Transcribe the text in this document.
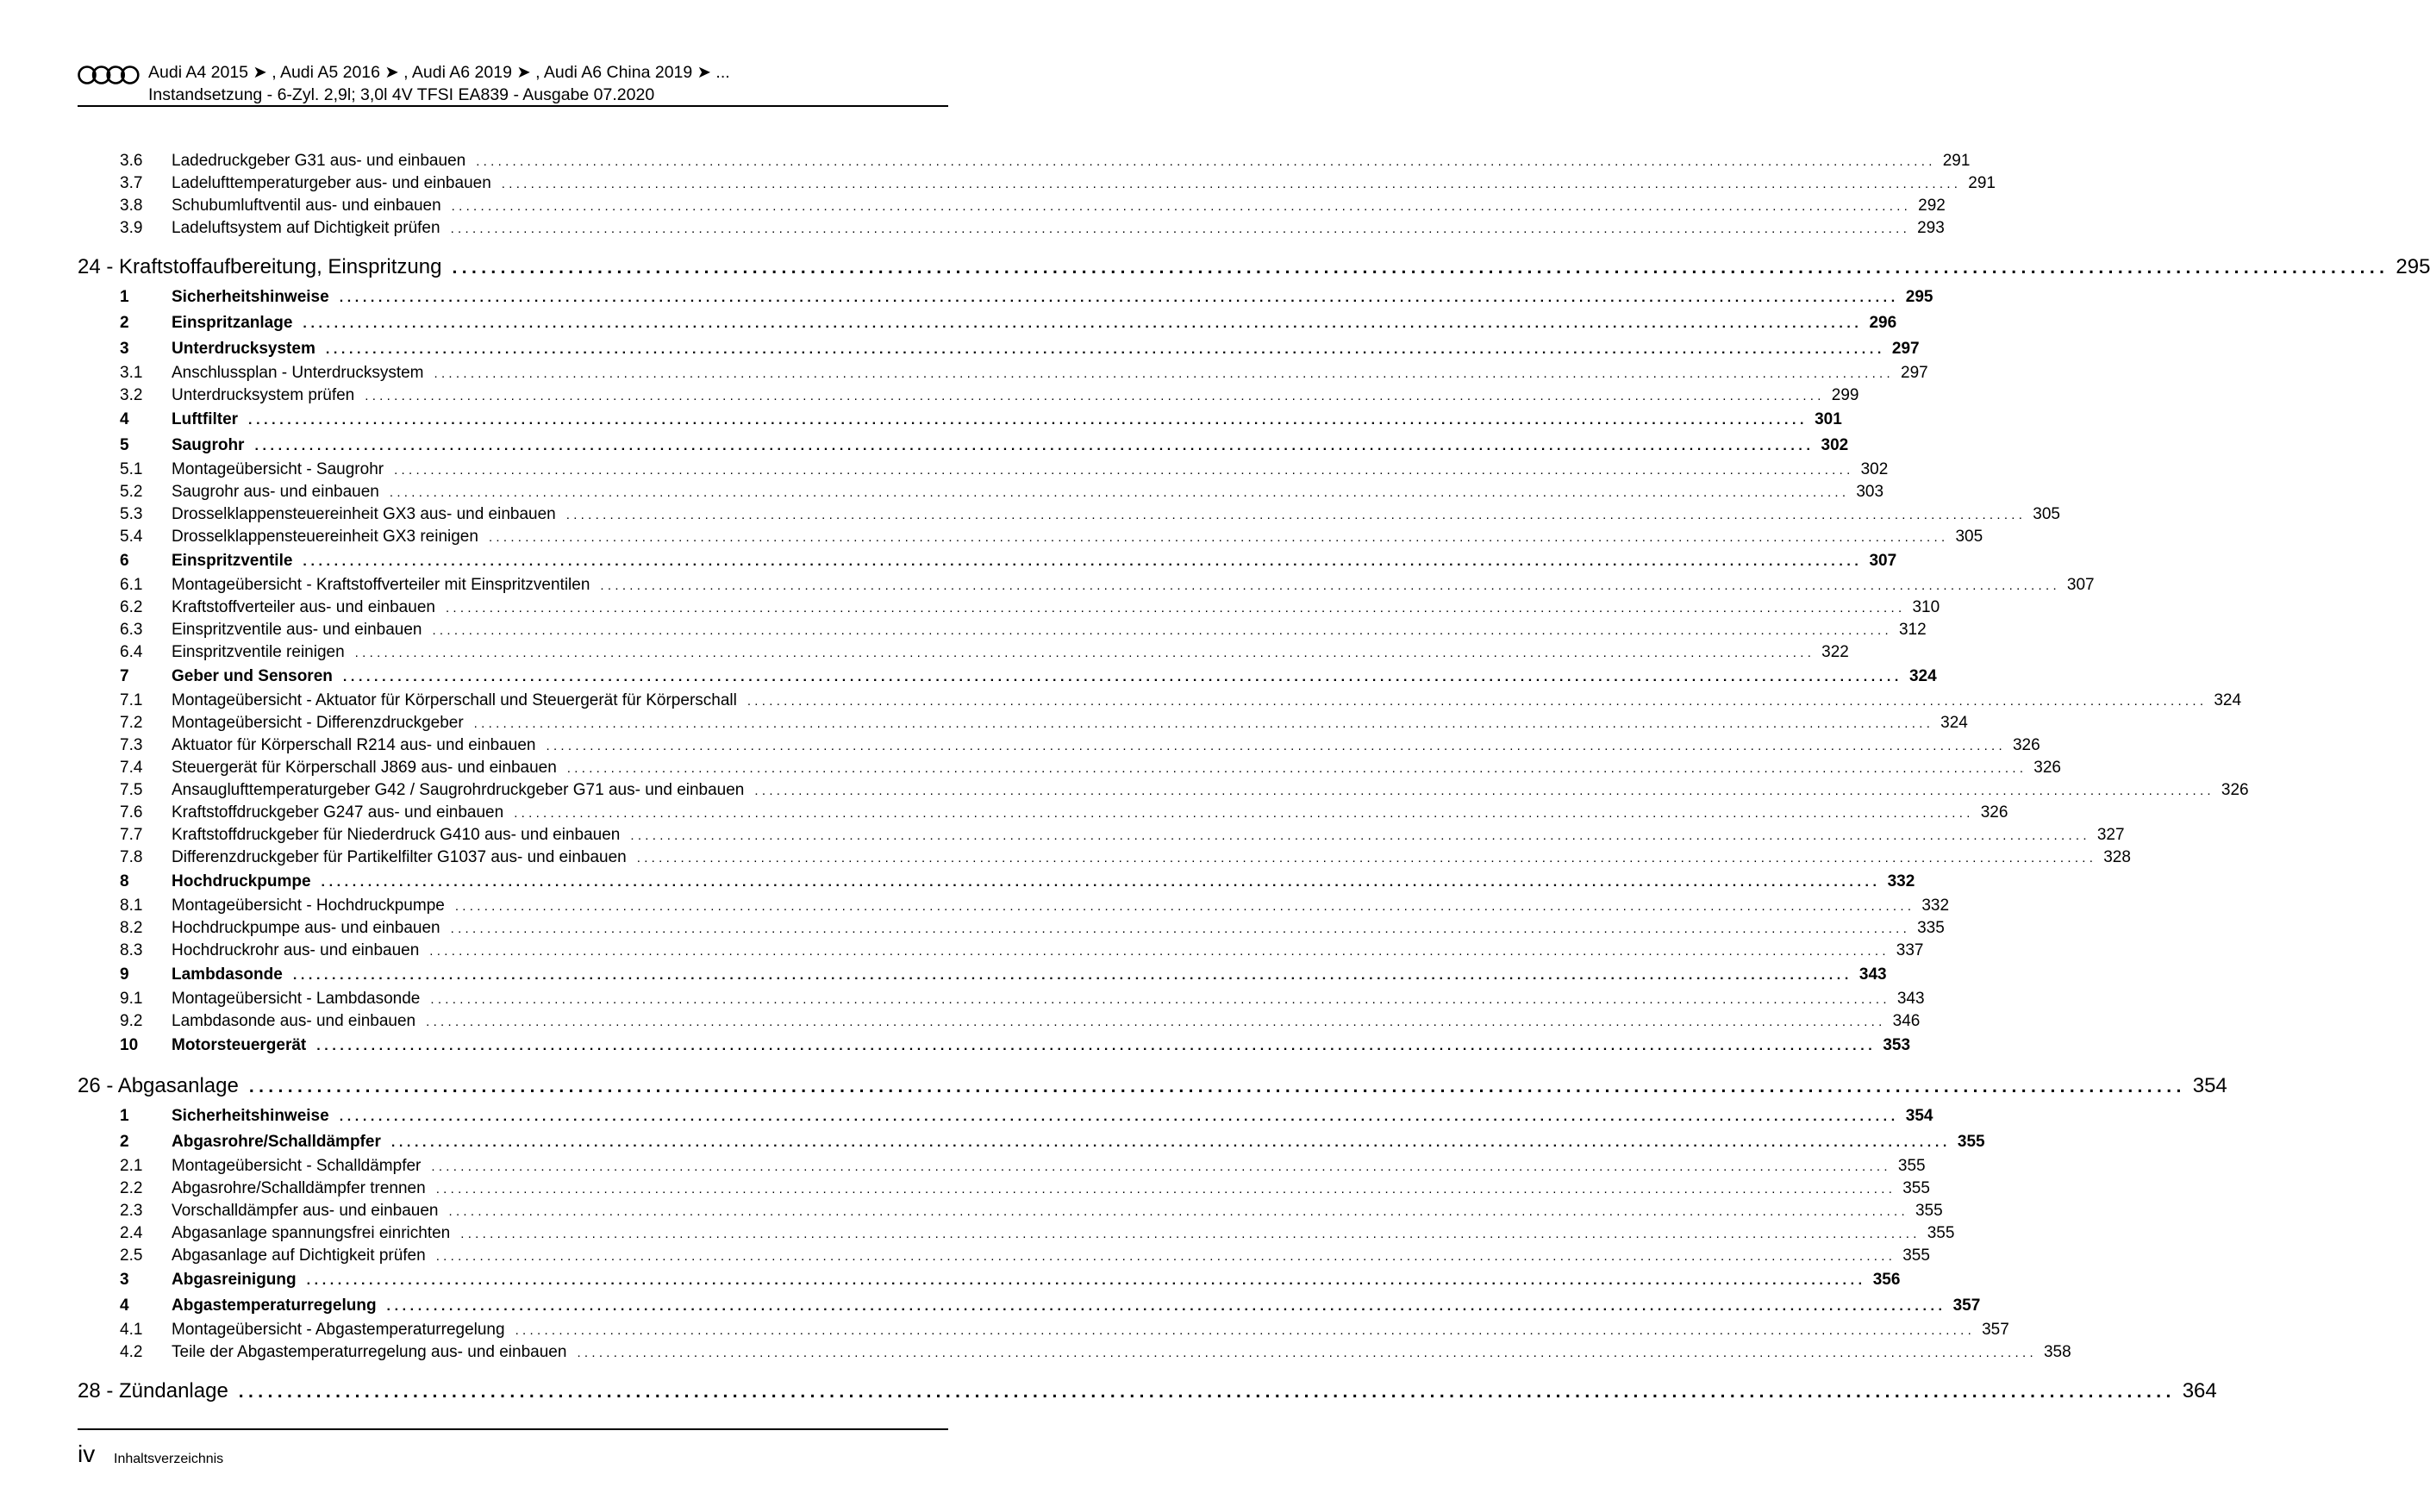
Audi A4 2015 ➤ , Audi A5 2016 ➤ , Audi A6 2019 ➤ , Audi A6 China 2019 ➤ ...
Instandsetzung - 6-Zyl. 2,9l; 3,0l 4V TFSI EA839 - Ausgabe 07.2020
3.6	Ladedruckgeber G31 aus- und einbauen ........................................................................................................................................................................................................ 291
3.7	Ladelufttemperaturgeber aus- und einbauen ........................................................................................................................................................................................................ 291
3.8	Schubumluftventil aus- und einbauen ........................................................................................................................................................................................................ 292
3.9	Ladeluftsystem auf Dichtigkeit prüfen ........................................................................................................................................................................................................ 293
24 - Kraftstoffaufbereitung, Einspritzung ........................................................................................................................................................................................................ 295
1	Sicherheitshinweise ........................................................................................................................................................................................................ 295
2	Einspritzanlage ........................................................................................................................................................................................................ 296
3	Unterdrucksystem ........................................................................................................................................................................................................ 297
3.1	Anschlussplan - Unterdrucksystem ........................................................................................................................................................................................................ 297
3.2	Unterdrucksystem prüfen ........................................................................................................................................................................................................ 299
4	Luftfilter ........................................................................................................................................................................................................ 301
5	Saugrohr ........................................................................................................................................................................................................ 302
5.1	Montageübersicht - Saugrohr ........................................................................................................................................................................................................ 302
5.2	Saugrohr aus- und einbauen ........................................................................................................................................................................................................ 303
5.3	Drosselklappensteuereinheit GX3 aus- und einbauen ........................................................................................................................................................................................................ 305
5.4	Drosselklappensteuereinheit GX3 reinigen ........................................................................................................................................................................................................ 305
6	Einspritzventile ........................................................................................................................................................................................................ 307
6.1	Montageübersicht - Kraftstoffverteiler mit Einspritzventilen ........................................................................................................................................................................................................ 307
6.2	Kraftstoffverteiler aus- und einbauen ........................................................................................................................................................................................................ 310
6.3	Einspritzventile aus- und einbauen ........................................................................................................................................................................................................ 312
6.4	Einspritzventile reinigen ........................................................................................................................................................................................................ 322
7	Geber und Sensoren ........................................................................................................................................................................................................ 324
7.1	Montageübersicht - Aktuator für Körperschall und Steuergerät für Körperschall ........................................................................................................................................................................................................ 324
7.2	Montageübersicht - Differenzdruckgeber ........................................................................................................................................................................................................ 324
7.3	Aktuator für Körperschall R214 aus- und einbauen ........................................................................................................................................................................................................ 326
7.4	Steuergerät für Körperschall J869 aus- und einbauen ........................................................................................................................................................................................................ 326
7.5	Ansauglufttemperaturgeber G42 / Saugrohrdruckgeber G71 aus- und einbauen ........................................................................................................................................................................................................ 326
7.6	Kraftstoffdruckgeber G247 aus- und einbauen ........................................................................................................................................................................................................ 326
7.7	Kraftstoffdruckgeber für Niederdruck G410 aus- und einbauen ........................................................................................................................................................................................................ 327
7.8	Differenzdruckgeber für Partikelfilter G1037 aus- und einbauen ........................................................................................................................................................................................................ 328
8	Hochdruckpumpe ........................................................................................................................................................................................................ 332
8.1	Montageübersicht - Hochdruckpumpe ........................................................................................................................................................................................................ 332
8.2	Hochdruckpumpe aus- und einbauen ........................................................................................................................................................................................................ 335
8.3	Hochdruckrohr aus- und einbauen ........................................................................................................................................................................................................ 337
9	Lambdasonde ........................................................................................................................................................................................................ 343
9.1	Montageübersicht - Lambdasonde ........................................................................................................................................................................................................ 343
9.2	Lambdasonde aus- und einbauen ........................................................................................................................................................................................................ 346
10	Motorsteuergerät ........................................................................................................................................................................................................ 353
26 - Abgasanlage ........................................................................................................................................................................................................ 354
1	Sicherheitshinweise ........................................................................................................................................................................................................ 354
2	Abgasrohre/Schalldämpfer ........................................................................................................................................................................................................ 355
2.1	Montageübersicht - Schalldämpfer ........................................................................................................................................................................................................ 355
2.2	Abgasrohre/Schalldämpfer trennen ........................................................................................................................................................................................................ 355
2.3	Vorschalldämpfer aus- und einbauen ........................................................................................................................................................................................................ 355
2.4	Abgasanlage spannungsfrei einrichten ........................................................................................................................................................................................................ 355
2.5	Abgasanlage auf Dichtigkeit prüfen ........................................................................................................................................................................................................ 355
3	Abgasreinigung ........................................................................................................................................................................................................ 356
4	Abgastemperaturregelung ........................................................................................................................................................................................................ 357
4.1	Montageübersicht - Abgastemperaturregelung ........................................................................................................................................................................................................ 357
4.2	Teile der Abgastemperaturregelung aus- und einbauen ........................................................................................................................................................................................................ 358
28 - Zündanlage ........................................................................................................................................................................................................ 364
iv Inhaltsverzeichnis
